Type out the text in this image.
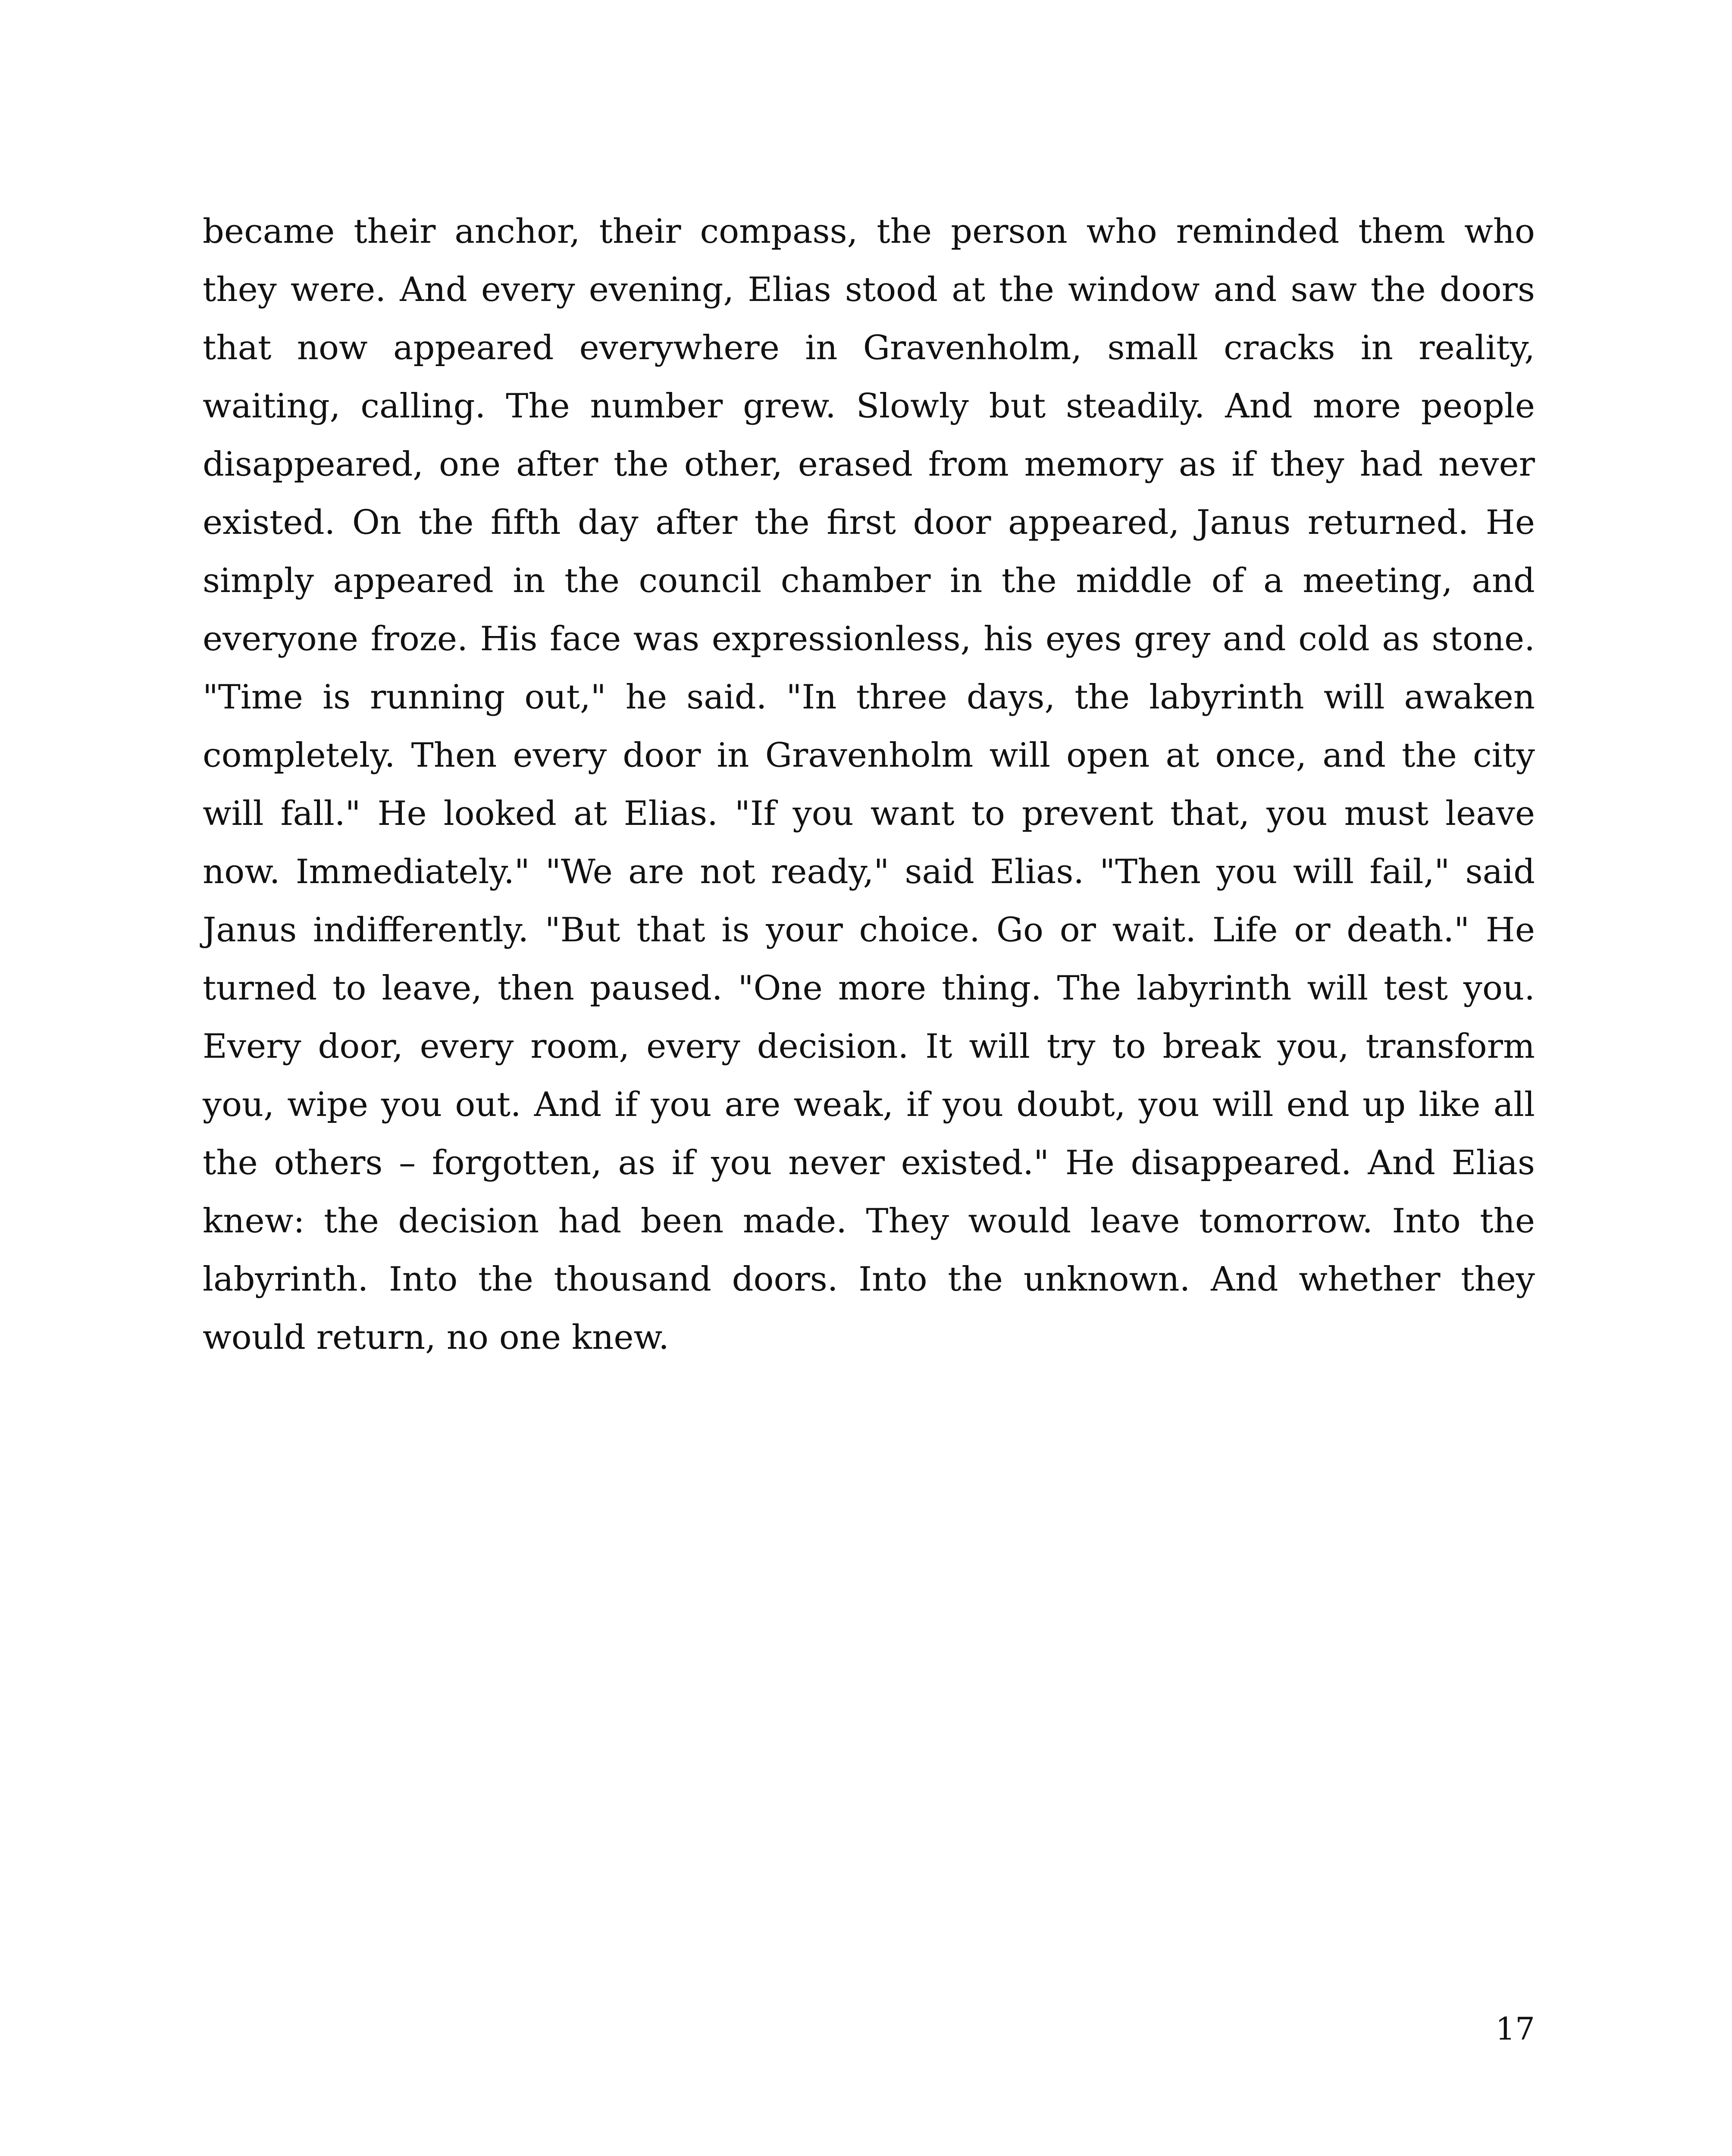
became their anchor, their compass, the person who reminded them who they were. And every evening, Elias stood at the window and saw the doors that now appeared everywhere in Gravenholm, small cracks in reality, waiting, calling. The number grew. Slowly but steadily. And more people disappeared, one after the other, erased from memory as if they had never existed. On the fifth day after the first door appeared, Janus returned. He simply appeared in the council chamber in the middle of a meeting, and everyone froze. His face was expressionless, his eyes grey and cold as stone. "Time is running out," he said. "In three days, the labyrinth will awaken completely. Then every door in Gravenholm will open at once, and the city will fall." He looked at Elias. "If you want to prevent that, you must leave now. Immediately." "We are not ready," said Elias. "Then you will fail," said Janus indifferently. "But that is your choice. Go or wait. Life or death." He turned to leave, then paused. "One more thing. The labyrinth will test you. Every door, every room, every decision. It will try to break you, transform you, wipe you out. And if you are weak, if you doubt, you will end up like all the others – forgotten, as if you never existed." He disappeared. And Elias knew: the decision had been made. They would leave tomorrow. Into the labyrinth. Into the thousand doors. Into the unknown. And whether they would return, no one knew.

17
